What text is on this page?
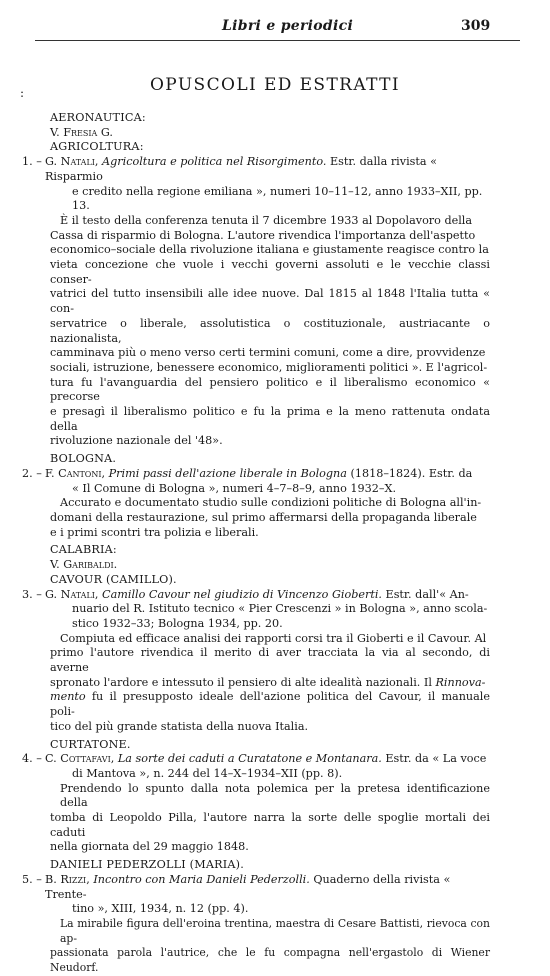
Libri e periodici	309
:	OPUSCOLI ED ESTRATTI
AERONAUTICA:
V. Fresia G.
AGRICOLTURA:
1. – G. Natali, Agricoltura e politica nel Risorgimento. Estr. dalla rivista « Risparmio
e credito nella regione emiliana », numeri 10–11–12, anno 1933–XII, pp. 13.
È il testo della conferenza tenuta il 7 dicembre 1933 al Dopolavoro della
Cassa di risparmio di Bologna. L'autore rivendica l'importanza dell'aspetto
economico–sociale della rivoluzione italiana e giustamente reagisce contro la
vieta concezione che vuole i vecchi governi assoluti e le vecchie classi conser-
vatrici del tutto insensibili alle idee nuove. Dal 1815 al 1848 l'Italia tutta « con-
servatrice o liberale, assolutistica o costituzionale, austriacante o nazionalista,
camminava più o meno verso certi termini comuni, come a dire, provvidenze
sociali, istruzione, benessere economico, miglioramenti politici ». E l'agricol-
tura fu l'avanguardia del pensiero politico e il liberalismo economico « precorse
e presagì il liberalismo politico e fu la prima e la meno rattenuta ondata della
rivoluzione nazionale del '48».
BOLOGNA.
2. – F. Cantoni, Primi passi dell'azione liberale in Bologna (1818–1824). Estr. da
« Il Comune di Bologna », numeri 4–7–8–9, anno 1932–X.
Accurato e documentato studio sulle condizioni politiche di Bologna all'in-
domani della restaurazione, sul primo affermarsi della propaganda liberale
e i primi scontri tra polizia e liberali.
CALABRIA:
V. Garibaldi.
CAVOUR (CAMILLO).
3. – G. Natali, Camillo Cavour nel giudizio di Vincenzo Gioberti. Estr. dall'« An-
nuario del R. Istituto tecnico « Pier Crescenzi » in Bologna », anno scola-
stico 1932–33; Bologna 1934, pp. 20.
Compiuta ed efficace analisi dei rapporti corsi tra il Gioberti e il Cavour. Al
primo l'autore rivendica il merito di aver tracciata la via al secondo, di averne
spronato l'ardore e intessuto il pensiero di alte idealità nazionali. Il Rinnova-
mento fu il presupposto ideale dell'azione politica del Cavour, il manuale poli-
tico del più grande statista della nuova Italia.
CURTATONE.
4. – C. Cottafavi, La sorte dei caduti a Curatatone e Montanara. Estr. da « La voce
di Mantova », n. 244 del 14–X–1934–XII (pp. 8).
Prendendo lo spunto dalla nota polemica per la pretesa identificazione della
tomba di Leopoldo Pilla, l'autore narra la sorte delle spoglie mortali dei caduti
nella giornata del 29 maggio 1848.
DANIELI PEDERZOLLI (MARIA).
5. – B. Rizzi, Incontro con Maria Danieli Pederzolli. Quaderno della rivista « Trente-
tino », XIII, 1934, n. 12 (pp. 4).
La mirabile figura dell'eroina trentina, maestra di Cesare Battisti, rievoca con ap-
passionata parola l'autrice, che le fu compagna nell'ergastolo di Wiener Neudorf.
